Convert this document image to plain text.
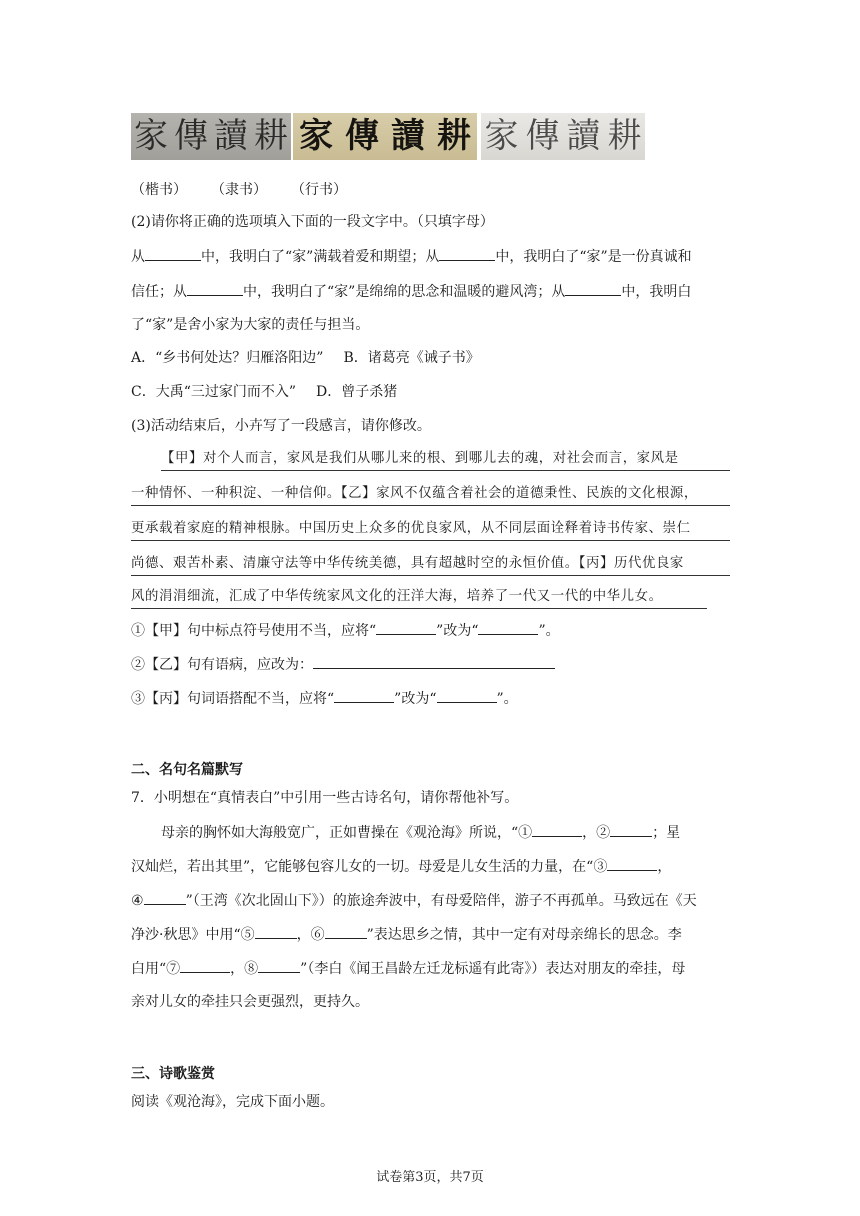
家 傳 讀 耕 家 傳 讀 耕 家 傳 讀 耕
（楷书） （隶书） （行书）
(2)请你将正确的选项填入下面的一段文字中。（只填字母）
从	中，我明白了“家”满载着爱和期望；从	中，我明白了“家”是一份真诚和
信任；从	中，我明白了“家”是绵绵的思念和温暖的避风湾；从	中，我明白
了“家”是舍小家为大家的责任与担当。
A．“乡书何处达？归雁洛阳边” B．诸葛亮《诫子书》
C．大禹“三过家门而不入” D．曾子杀猪
(3)活动结束后，小卉写了一段感言，请你修改。
【甲】对个人而言，家风是我们从哪儿来的根、到哪儿去的魂，对社会而言，家风是
一种情怀、一种积淀、一种信仰。【乙】家风不仅蕴含着社会的道德秉性、民族的文化根源，
更承载着家庭的精神根脉。中国历史上众多的优良家风，从不同层面诠释着诗书传家、崇仁
尚德、艰苦朴素、清廉守法等中华传统美德，具有超越时空的永恒价值。【丙】历代优良家
风的涓涓细流，汇成了中华传统家风文化的汪洋大海，培养了一代又一代的中华儿女。
①【甲】句中标点符号使用不当，应将“	”改为“	”。
②【乙】句有语病，应改为：
③【丙】句词语搭配不当，应将“	”改为“	”。
二、名句名篇默写
7．小明想在“真情表白”中引用一些古诗名句，请你帮他补写。
母亲的胸怀如大海般宽广，正如曹操在《观沧海》所说，“①	，②	；星
汉灿烂，若出其里”，它能够包容儿女的一切。母爱是儿女生活的力量，在“③	，
④	”（王湾《次北固山下》）的旅途奔波中，有母爱陪伴，游子不再孤单。马致远在《天
净沙·秋思》中用“⑤	，⑥	”表达思乡之情，其中一定有对母亲绵长的思念。李
白用“⑦	，⑧	”（李白《闻王昌龄左迁龙标遥有此寄》）表达对朋友的牵挂，母
亲对儿女的牵挂只会更强烈，更持久。
三、诗歌鉴赏
阅读《观沧海》，完成下面小题。
试卷第3页，共7页
